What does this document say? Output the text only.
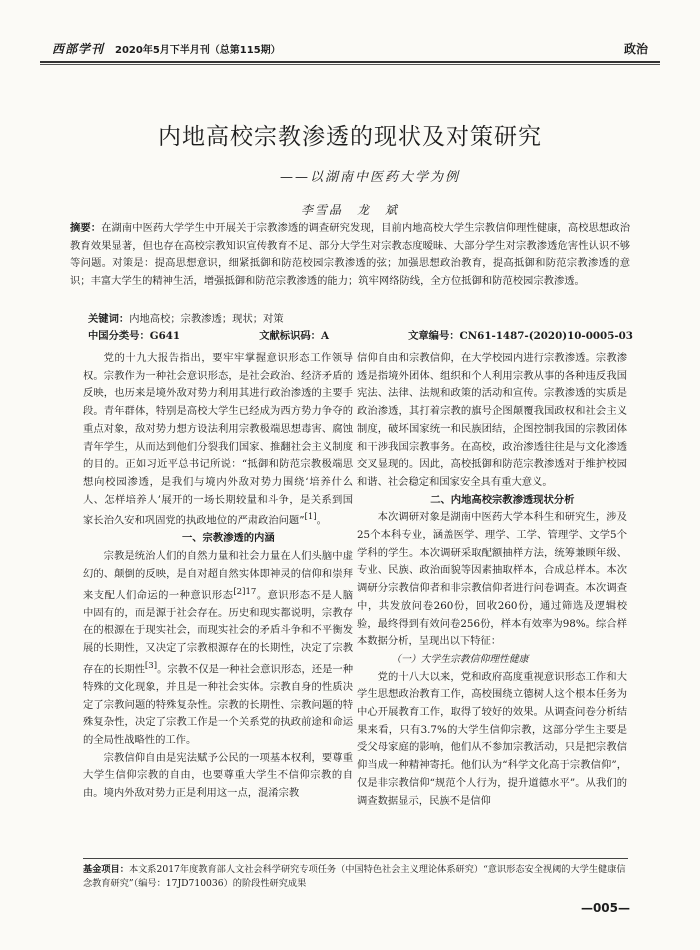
西部学刊 2020年5月下半月刊（总第115期）	政治
内地高校宗教渗透的现状及对策研究
——以湖南中医药大学为例
李雪晶　龙　斌
摘要：在湖南中医药大学学生中开展关于宗教渗透的调查研究发现，目前内地高校大学生宗教信仰理性健康，高校思想政治教育效果显著，但也存在高校宗教知识宣传教育不足、部分大学生对宗教态度暧昧、大部分学生对宗教渗透危害性认识不够等问题。对策是：提高思想意识，细紧抵御和防范校园宗教渗透的弦；加强思想政治教育，提高抵御和防范宗教渗透的意识；丰富大学生的精神生活，增强抵御和防范宗教渗透的能力；筑牢网络防线，全方位抵御和防范校园宗教渗透。
关键词：内地高校；宗教渗透；现状；对策
中国分类号：G641	文献标识码：A	文章编号：CN61-1487-(2020)10-0005-03

党的十九大报告指出，要牢牢掌握意识形态工作领导权。宗教作为一种社会意识形态，是社会政治、经济矛盾的反映，也历来是境外敌对势力利用其进行政治渗透的主要手段。青年群体，特别是高校大学生已经成为西方势力争夺的重点对象，敌对势力想方设法利用宗教极端思想毒害、腐蚀青年学生，从而达到他们分裂我们国家、推翻社会主义制度的目的。正如习近平总书记所说：“抵御和防范宗教极端思想向校园渗透，是我们与境内外敌对势力围绕‘培养什么人、怎样培养人’展开的一场长期较量和斗争，是关系到国家长治久安和巩固党的执政地位的严肃政治问题”[1]。

一、宗教渗透的内涵

宗教是统治人们的自然力量和社会力量在人们头脑中虚幻的、颠倒的反映，是自对超自然实体即神灵的信仰和崇拜来支配人们命运的一种意识形态$^{[2]17}$。意识形态不是人脑中固有的，而是源于社会存在。历史和现实都说明，宗教存在的根源在于现实社会，而现实社会的矛盾斗争和不平衡发展的长期性，又决定了宗教根源存在的长期性，决定了宗教存在的长期性[3]。宗教不仅是一种社会意识形态，还是一种特殊的文化现象，并且是一种社会实体。宗教自身的性质决定了宗教问题的特殊复杂性。宗教的长期性、宗教问题的特殊复杂性，决定了宗教工作是一个关系党的执政前途和命运的全局性战略性的工作。

宗教信仰自由是宪法赋予公民的一项基本权利，要尊重大学生信仰宗教的自由，也要尊重大学生不信仰宗教的自由。境内外敌对势力正是利用这一点，混淆宗教

信仰自由和宗教信仰，在大学校园内进行宗教渗透。宗教渗透是指境外团体、组织和个人利用宗教从事的各种违反我国宪法、法律、法规和政策的活动和宣传。宗教渗透的实质是政治渗透，其打着宗教的旗号企图颠覆我国政权和社会主义制度，破坏国家统一和民族团结，企图控制我国的宗教团体和干涉我国宗教事务。在高校，政治渗透往往是与文化渗透交叉显现的。因此，高校抵御和防范宗教渗透对于维护校园和谐、社会稳定和国家安全具有重大意义。

二、内地高校宗教渗透现状分析

本次调研对象是湖南中医药大学本科生和研究生，涉及25个本科专业，涵盖医学、理学、工学、管理学、文学5个学科的学生。本次调研采取配额抽样方法，统筹兼顾年级、专业、民族、政治面貌等因素抽取样本，合成总样本。本次调研分宗教信仰者和非宗教信仰者进行问卷调查。本次调查中，共发放问卷260份，回收260份，通过筛选及逻辑校验，最终得到有效问卷256份，样本有效率为98%。综合样本数据分析，呈现出以下特征：

（一）大学生宗教信仰理性健康

党的十八大以来，党和政府高度重视意识形态工作和大学生思想政治教育工作，高校围绕立德树人这个根本任务为中心开展教育工作，取得了较好的效果。从调查问卷分析结果来看，只有3.7%的大学生信仰宗教，这部分学生主要是受父母家庭的影响，他们从不参加宗教活动，只是把宗教信仰当成一种精神寄托。他们认为“科学文化高于宗教信仰”，仅是非宗教信仰“规范个人行为，提升道德水平”。从我们的调查数据显示，民族不是信仰

基金项目：本文系2017年度教育部人文社会科学研究专项任务（中国特色社会主义理论体系研究）“意识形态安全视阈的大学生健康信念教育研究”（编号：17JD710036）的阶段性研究成果
—005—
